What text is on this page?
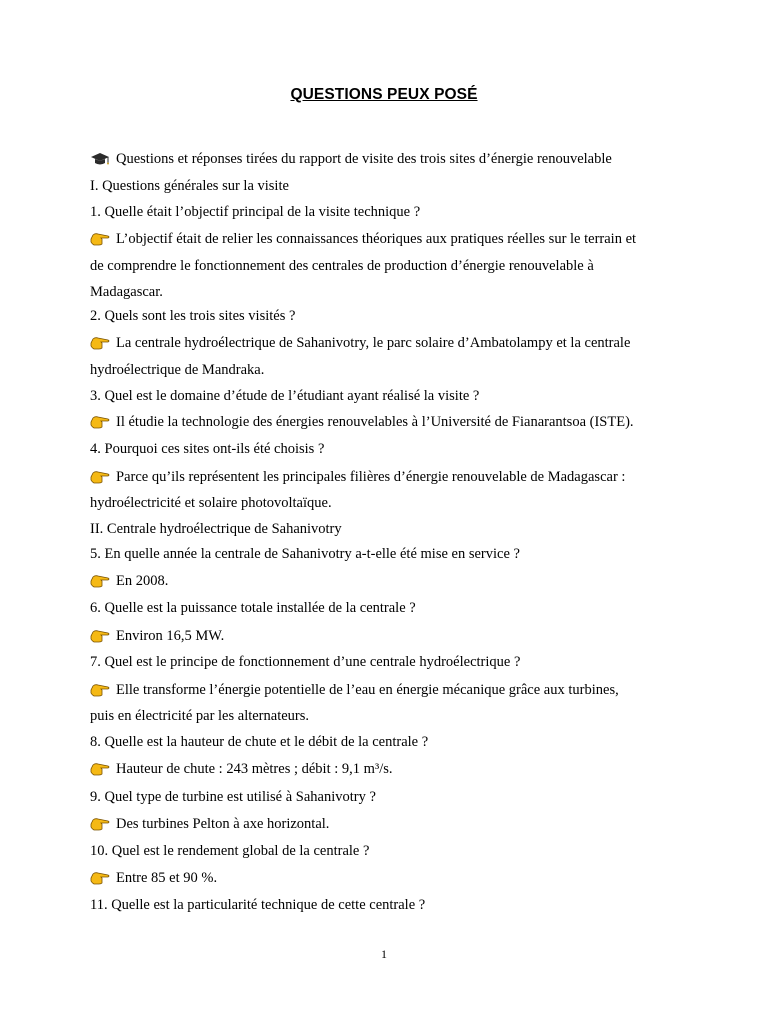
QUESTIONS PEUX POSÉ
Questions et réponses tirées du rapport de visite des trois sites d’énergie renouvelable
I. Questions générales sur la visite
1. Quelle était l’objectif principal de la visite technique ?
L’objectif était de relier les connaissances théoriques aux pratiques réelles sur le terrain et
de comprendre le fonctionnement des centrales de production d’énergie renouvelable à
Madagascar.
2. Quels sont les trois sites visités ?
La centrale hydroélectrique de Sahanivotry, le parc solaire d’Ambatolampy et la centrale
hydroélectrique de Mandraka.
3. Quel est le domaine d’étude de l’étudiant ayant réalisé la visite ?
Il étudie la technologie des énergies renouvelables à l’Université de Fianarantsoa (ISTE).
4. Pourquoi ces sites ont-ils été choisis ?
Parce qu’ils représentent les principales filières d’énergie renouvelable de Madagascar :
hydroélectricité et solaire photovoltaïque.
II. Centrale hydroélectrique de Sahanivotry
5. En quelle année la centrale de Sahanivotry a-t-elle été mise en service ?
En 2008.
6. Quelle est la puissance totale installée de la centrale ?
Environ 16,5 MW.
7. Quel est le principe de fonctionnement d’une centrale hydroélectrique ?
Elle transforme l’énergie potentielle de l’eau en énergie mécanique grâce aux turbines,
puis en électricité par les alternateurs.
8. Quelle est la hauteur de chute et le débit de la centrale ?
Hauteur de chute : 243 mètres ; débit : 9,1 m³/s.
9. Quel type de turbine est utilisé à Sahanivotry ?
Des turbines Pelton à axe horizontal.
10. Quel est le rendement global de la centrale ?
Entre 85 et 90 %.
11. Quelle est la particularité technique de cette centrale ?
1
